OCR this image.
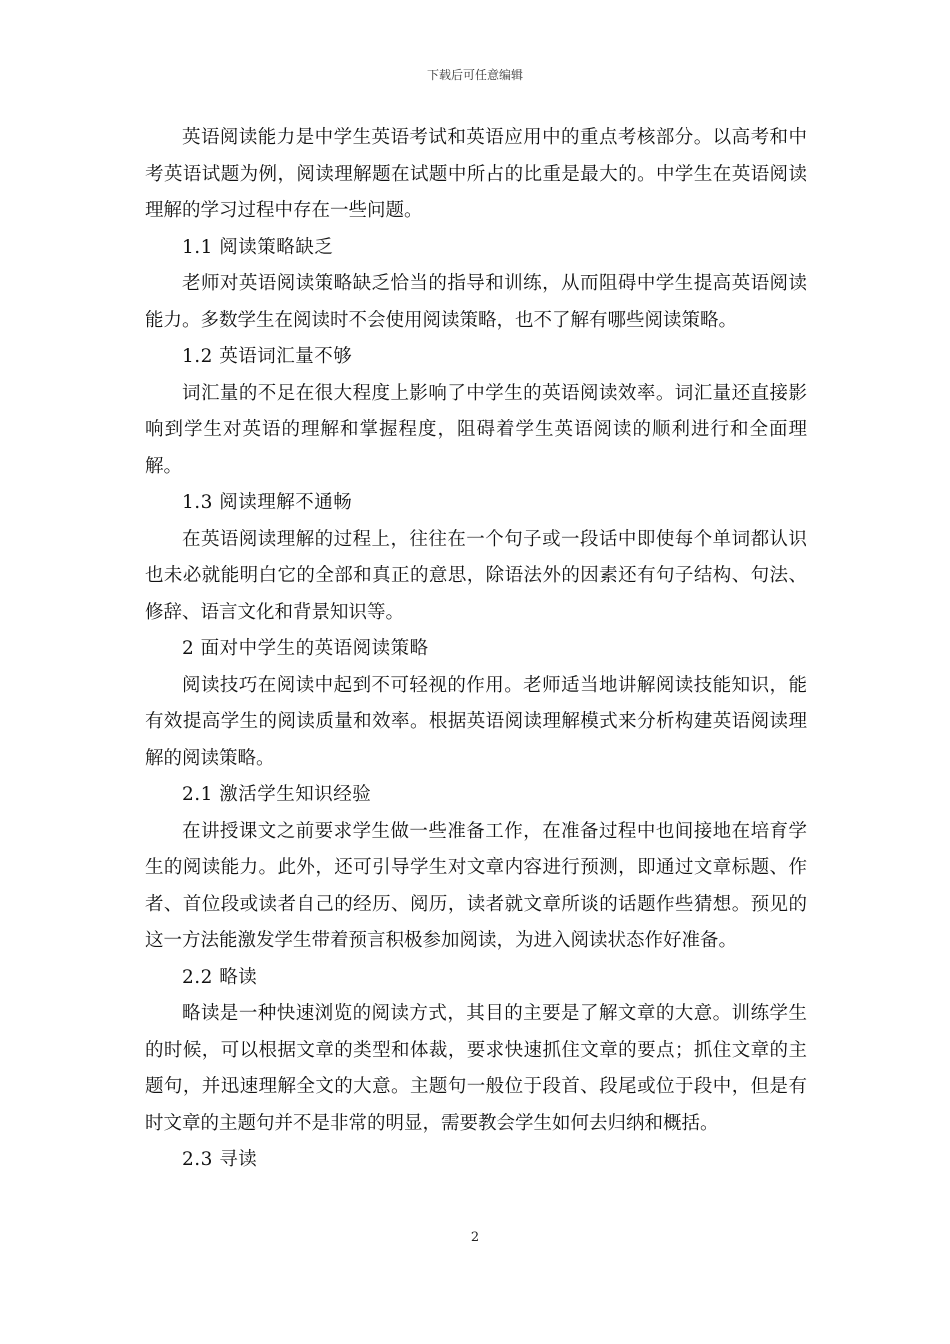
下载后可任意编辑

英语阅读能力是中学生英语考试和英语应用中的重点考核部分。以高考和中考英语试题为例，阅读理解题在试题中所占的比重是最大的。中学生在英语阅读理解的学习过程中存在一些问题。

1.1 阅读策略缺乏

老师对英语阅读策略缺乏恰当的指导和训练，从而阻碍中学生提高英语阅读能力。多数学生在阅读时不会使用阅读策略，也不了解有哪些阅读策略。

1.2 英语词汇量不够

词汇量的不足在很大程度上影响了中学生的英语阅读效率。词汇量还直接影响到学生对英语的理解和掌握程度，阻碍着学生英语阅读的顺利进行和全面理解。

1.3 阅读理解不通畅

在英语阅读理解的过程上，往往在一个句子或一段话中即使每个单词都认识也未必就能明白它的全部和真正的意思，除语法外的因素还有句子结构、句法、修辞、语言文化和背景知识等。

2 面对中学生的英语阅读策略

阅读技巧在阅读中起到不可轻视的作用。老师适当地讲解阅读技能知识，能有效提高学生的阅读质量和效率。根据英语阅读理解模式来分析构建英语阅读理解的阅读策略。

2.1 激活学生知识经验

在讲授课文之前要求学生做一些准备工作，在准备过程中也间接地在培育学生的阅读能力。此外，还可引导学生对文章内容进行预测，即通过文章标题、作者、首位段或读者自己的经历、阅历，读者就文章所谈的话题作些猜想。预见的这一方法能激发学生带着预言积极参加阅读，为进入阅读状态作好准备。

2.2 略读

略读是一种快速浏览的阅读方式，其目的主要是了解文章的大意。训练学生的时候，可以根据文章的类型和体裁，要求快速抓住文章的要点；抓住文章的主题句，并迅速理解全文的大意。主题句一般位于段首、段尾或位于段中，但是有时文章的主题句并不是非常的明显，需要教会学生如何去归纳和概括。

2.3 寻读

2
